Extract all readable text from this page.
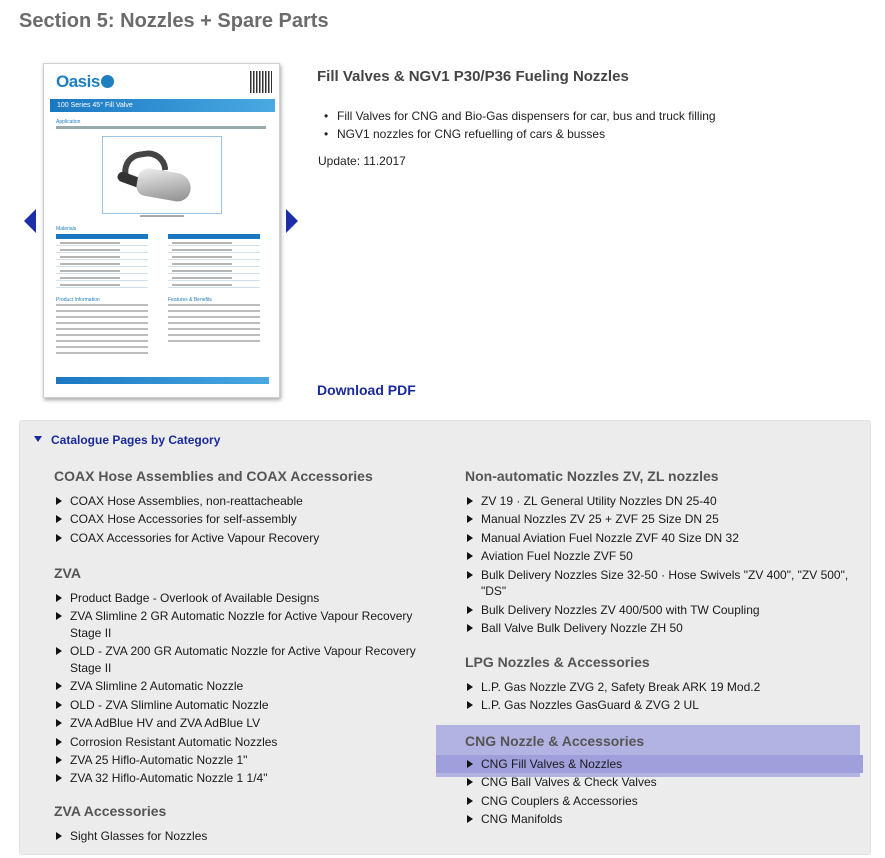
Section 5: Nozzles + Spare Parts
Oasis
100 Series 45° Fill Valve
Application
Materials
Product Information	Features & Benefits
Fill Valves & NGV1 P30/P36 Fueling Nozzles
• Fill Valves for CNG and Bio-Gas dispensers for car, bus and truck filling
• NGV1 nozzles for CNG refuelling of cars & busses
Update: 11.2017
Download PDF
Catalogue Pages by Category
COAX Hose Assemblies and COAX Accessories
COAX Hose Assemblies, non-reattacheable
COAX Hose Accessories for self-assembly
COAX Accessories for Active Vapour Recovery
ZVA
Product Badge - Overlook of Available Designs
ZVA Slimline 2 GR Automatic Nozzle for Active Vapour Recovery Stage II
OLD - ZVA 200 GR Automatic Nozzle for Active Vapour Recovery Stage II
ZVA Slimline 2 Automatic Nozzle
OLD - ZVA Slimline Automatic Nozzle
ZVA AdBlue HV and ZVA AdBlue LV
Corrosion Resistant Automatic Nozzles
ZVA 25 Hiflo-Automatic Nozzle 1"
ZVA 32 Hiflo-Automatic Nozzle 1 1/4"
ZVA Accessories
Sight Glasses for Nozzles
Non-automatic Nozzles ZV, ZL nozzles
ZV 19 · ZL General Utility Nozzles DN 25-40
Manual Nozzles ZV 25 + ZVF 25 Size DN 25
Manual Aviation Fuel Nozzle ZVF 40 Size DN 32
Aviation Fuel Nozzle ZVF 50
Bulk Delivery Nozzles Size 32-50 · Hose Swivels "ZV 400", "ZV 500", "DS"
Bulk Delivery Nozzles ZV 400/500 with TW Coupling
Ball Valve Bulk Delivery Nozzle ZH 50
LPG Nozzles & Accessories
L.P. Gas Nozzle ZVG 2, Safety Break ARK 19 Mod.2
L.P. Gas Nozzles GasGuard & ZVG 2 UL
CNG Nozzle & Accessories
CNG Fill Valves & Nozzles
CNG Ball Valves & Check Valves
CNG Couplers & Accessories
CNG Manifolds
